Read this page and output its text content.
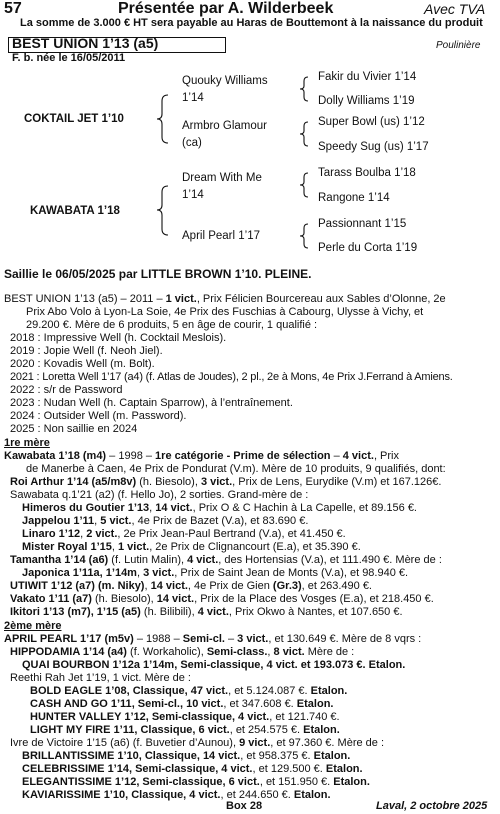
57	Présentée par A. Wilderbeek	Avec TVA
La somme de 3.000 € HT sera payable au Haras de Bouttemont à la naissance du produit
BEST UNION 1’13 (a5)	Poulinière
F. b. née le 16/05/2011
COKTAIL JET 1’10
KAWABATA 1’18
Quouky Williams
1’14
Armbro Glamour
(ca)
Dream With Me
1’14
April Pearl 1’17
Fakir du Vivier 1’14
Dolly Williams 1’19
Super Bowl (us) 1’12
Speedy Sug (us) 1’17
Tarass Boulba 1’18
Rangone 1’14
Passionnant 1’15
Perle du Corta 1’19
Saillie le 06/05/2025 par LITTLE BROWN 1’10. PLEINE.
BEST UNION 1’13 (a5) – 2011 – 1 vict., Prix Félicien Bourcereau aux Sables d’Olonne, 2e
Prix Abo Volo à Lyon-La Soie, 4e Prix des Fuschias à Cabourg, Ulysse à Vichy, et
29.200 €. Mère de 6 produits, 5 en âge de courir, 1 qualifié :
2018 : Impressive Well (h. Cocktail Meslois).
2019 : Jopie Well (f. Neoh Jiel).
2020 : Kovadis Well (m. Bolt).
2021 : Loretta Well 1’17 (a4) (f. Atlas de Joudes), 2 pl., 2e à Mons, 4e Prix J.Ferrand à Amiens.
2022 : s/r de Password
2023 : Nudan Well (h. Captain Sparrow), à l’entraînement.
2024 : Outsider Well (m. Password).
2025 : Non saillie en 2024
1re mère
Kawabata 1’18 (m4) – 1998 – 1re catégorie - Prime de sélection – 4 vict., Prix
de Manerbe à Caen, 4e Prix de Pondurat (V.m). Mère de 10 produits, 9 qualifiés, dont:
Roi Arthur 1’14 (a5/m8v) (h. Biesolo), 3 vict., Prix de Lens, Eurydike (V.m) et 167.126€.
Sawabata q.1’21 (a2) (f. Hello Jo), 2 sorties. Grand-mère de :
Himeros du Goutier 1’13, 14 vict., Prix O & C Hachin à La Capelle, et 89.156 €.
Jappelou 1’11, 5 vict., 4e Prix de Bazet (V.a), et 83.690 €.
Linaro 1’12, 2 vict., 2e Prix Jean-Paul Bertrand (V.a), et 41.450 €.
Mister Royal 1’15, 1 vict., 2e Prix de Clignancourt (E.a), et 35.390 €.
Tamantha 1’14 (a6) (f. Lutin Malin), 4 vict., des Hortensias (V.a), et 111.490 €. Mère de :
Japonica 1’11a, 1’14m, 3 vict., Prix de Saint Jean de Monts (V.a), et 98.940 €.
UTIWIT 1’12 (a7) (m. Niky), 14 vict., 4e Prix de Gien (Gr.3), et 263.490 €.
Vakato 1’11 (a7) (h. Biesolo), 14 vict., Prix de la Place des Vosges (E.a), et 218.450 €.
Ikitori 1’13 (m7), 1’15 (a5) (h. Bilibili), 4 vict., Prix Okwo à Nantes, et 107.650 €.
2ème mère
APRIL PEARL 1’17 (m5v) – 1988 – Semi-cl. – 3 vict., et 130.649 €. Mère de 8 vqrs :
HIPPODAMIA 1’14 (a4) (f. Workaholic), Semi-class., 8 vict. Mère de :
QUAI BOURBON 1’12a 1’14m, Semi-classique, 4 vict. et 193.073 €. Etalon.
Reethi Rah Jet 1’19, 1 vict. Mère de :
BOLD EAGLE 1’08, Classique, 47 vict., et 5.124.087 €. Etalon.
CASH AND GO 1’11, Semi-cl., 10 vict., et 347.608 €. Etalon.
HUNTER VALLEY 1’12, Semi-classique, 4 vict., et 121.740 €.
LIGHT MY FIRE 1’11, Classique, 6 vict., et 254.575 €. Etalon.
Ivre de Victoire 1’15 (a6) (f. Buvetier d’Aunou), 9 vict., et 97.360 €. Mère de :
BRILLANTISSIME 1’10, Classique, 14 vict., et 958.375 €. Etalon.
CELEBRISSIME 1’14, Semi-classique, 4 vict., et 129.500 €. Etalon.
ELEGANTISSIME 1’12, Semi-classique, 6 vict., et 151.950 €. Etalon.
KAVIARISSIME 1’10, Classique, 4 vict., et 244.650 €. Etalon.
Box 28	Laval, 2 octobre 2025
